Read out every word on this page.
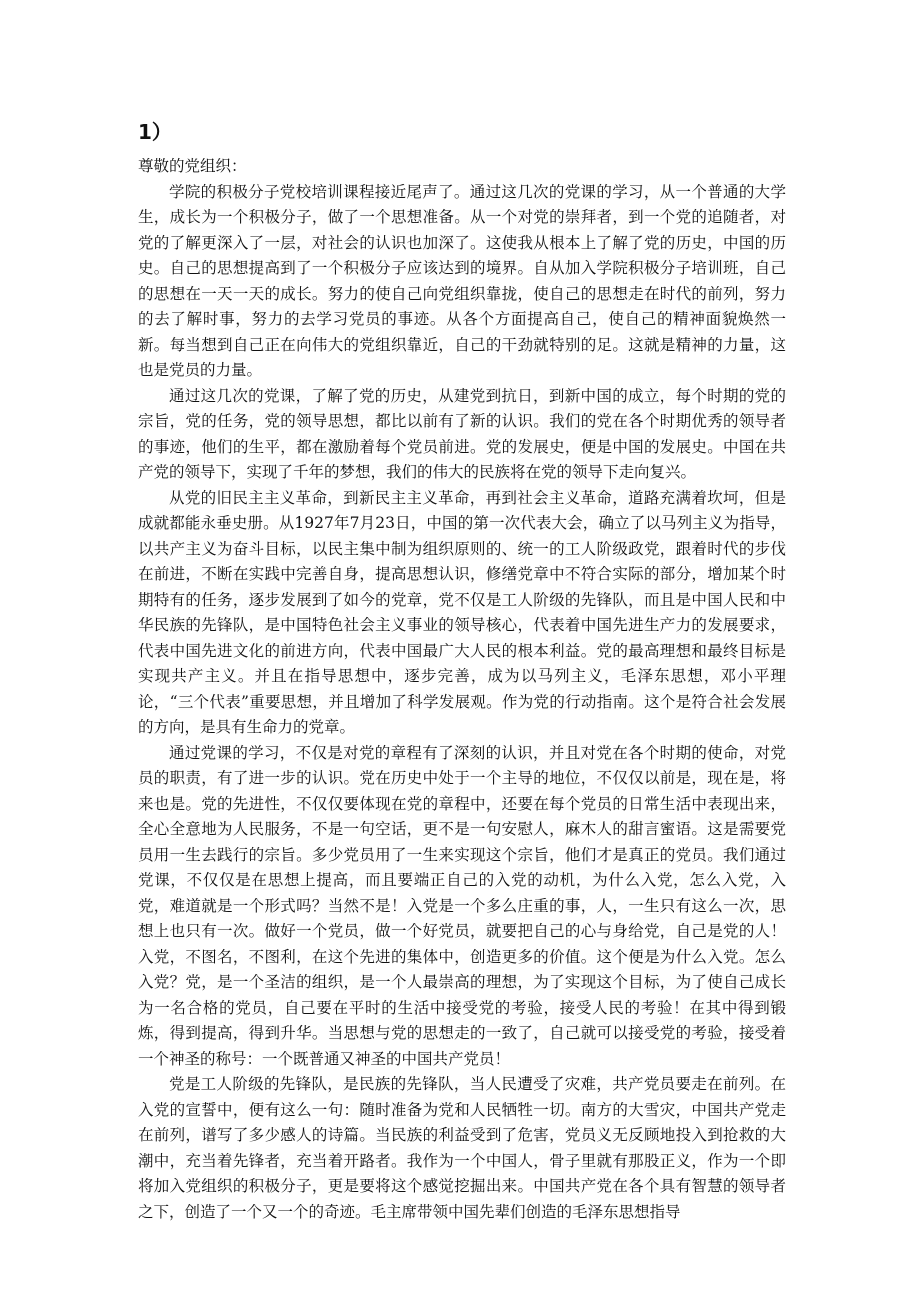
1）

尊敬的党组织：

学院的积极分子党校培训课程接近尾声了。通过这几次的党课的学习，从一个普通的大学生，成长为一个积极分子，做了一个思想准备。从一个对党的崇拜者，到一个党的追随者，对党的了解更深入了一层，对社会的认识也加深了。这使我从根本上了解了党的历史，中国的历史。自己的思想提高到了一个积极分子应该达到的境界。自从加入学院积极分子培训班，自己的思想在一天一天的成长。努力的使自己向党组织靠拢，使自己的思想走在时代的前列，努力的去了解时事，努力的去学习党员的事迹。从各个方面提高自己，使自己的精神面貌焕然一新。每当想到自己正在向伟大的党组织靠近，自己的干劲就特别的足。这就是精神的力量，这也是党员的力量。

通过这几次的党课，了解了党的历史，从建党到抗日，到新中国的成立，每个时期的党的宗旨，党的任务，党的领导思想，都比以前有了新的认识。我们的党在各个时期优秀的领导者的事迹，他们的生平，都在激励着每个党员前进。党的发展史，便是中国的发展史。中国在共产党的领导下，实现了千年的梦想，我们的伟大的民族将在党的领导下走向复兴。

从党的旧民主主义革命，到新民主主义革命，再到社会主义革命，道路充满着坎坷，但是成就都能永垂史册。从1927年7月23日，中国的第一次代表大会，确立了以马列主义为指导，以共产主义为奋斗目标，以民主集中制为组织原则的、统一的工人阶级政党，跟着时代的步伐在前进，不断在实践中完善自身，提高思想认识，修缮党章中不符合实际的部分，增加某个时期特有的任务，逐步发展到了如今的党章，党不仅是工人阶级的先锋队，而且是中国人民和中华民族的先锋队，是中国特色社会主义事业的领导核心，代表着中国先进生产力的发展要求，代表中国先进文化的前进方向，代表中国最广大人民的根本利益。党的最高理想和最终目标是实现共产主义。并且在指导思想中，逐步完善，成为以马列主义，毛泽东思想，邓小平理论，“三个代表”重要思想，并且增加了科学发展观。作为党的行动指南。这个是符合社会发展的方向，是具有生命力的党章。

通过党课的学习，不仅是对党的章程有了深刻的认识，并且对党在各个时期的使命，对党员的职责，有了进一步的认识。党在历史中处于一个主导的地位，不仅仅以前是，现在是，将来也是。党的先进性，不仅仅要体现在党的章程中，还要在每个党员的日常生活中表现出来，全心全意地为人民服务，不是一句空话，更不是一句安慰人，麻木人的甜言蜜语。这是需要党员用一生去践行的宗旨。多少党员用了一生来实现这个宗旨，他们才是真正的党员。我们通过党课，不仅仅是在思想上提高，而且要端正自己的入党的动机，为什么入党，怎么入党，入党，难道就是一个形式吗？当然不是！入党是一个多么庄重的事，人，一生只有这么一次，思想上也只有一次。做好一个党员，做一个好党员，就要把自己的心与身给党，自己是党的人！入党，不图名，不图利，在这个先进的集体中，创造更多的价值。这个便是为什么入党。怎么入党？党，是一个圣洁的组织，是一个人最崇高的理想，为了实现这个目标，为了使自己成长为一名合格的党员，自己要在平时的生活中接受党的考验，接受人民的考验！在其中得到锻炼，得到提高，得到升华。当思想与党的思想走的一致了，自己就可以接受党的考验，接受着一个神圣的称号：一个既普通又神圣的中国共产党员！

党是工人阶级的先锋队，是民族的先锋队，当人民遭受了灾难，共产党员要走在前列。在入党的宣誓中，便有这么一句：随时准备为党和人民牺牲一切。南方的大雪灾，中国共产党走在前列，谱写了多少感人的诗篇。当民族的利益受到了危害，党员义无反顾地投入到抢救的大潮中，充当着先锋者，充当着开路者。我作为一个中国人，骨子里就有那股正义，作为一个即将加入党组织的积极分子，更是要将这个感觉挖掘出来。中国共产党在各个具有智慧的领导者之下，创造了一个又一个的奇迹。毛主席带领中国先辈们创造的毛泽东思想指导
